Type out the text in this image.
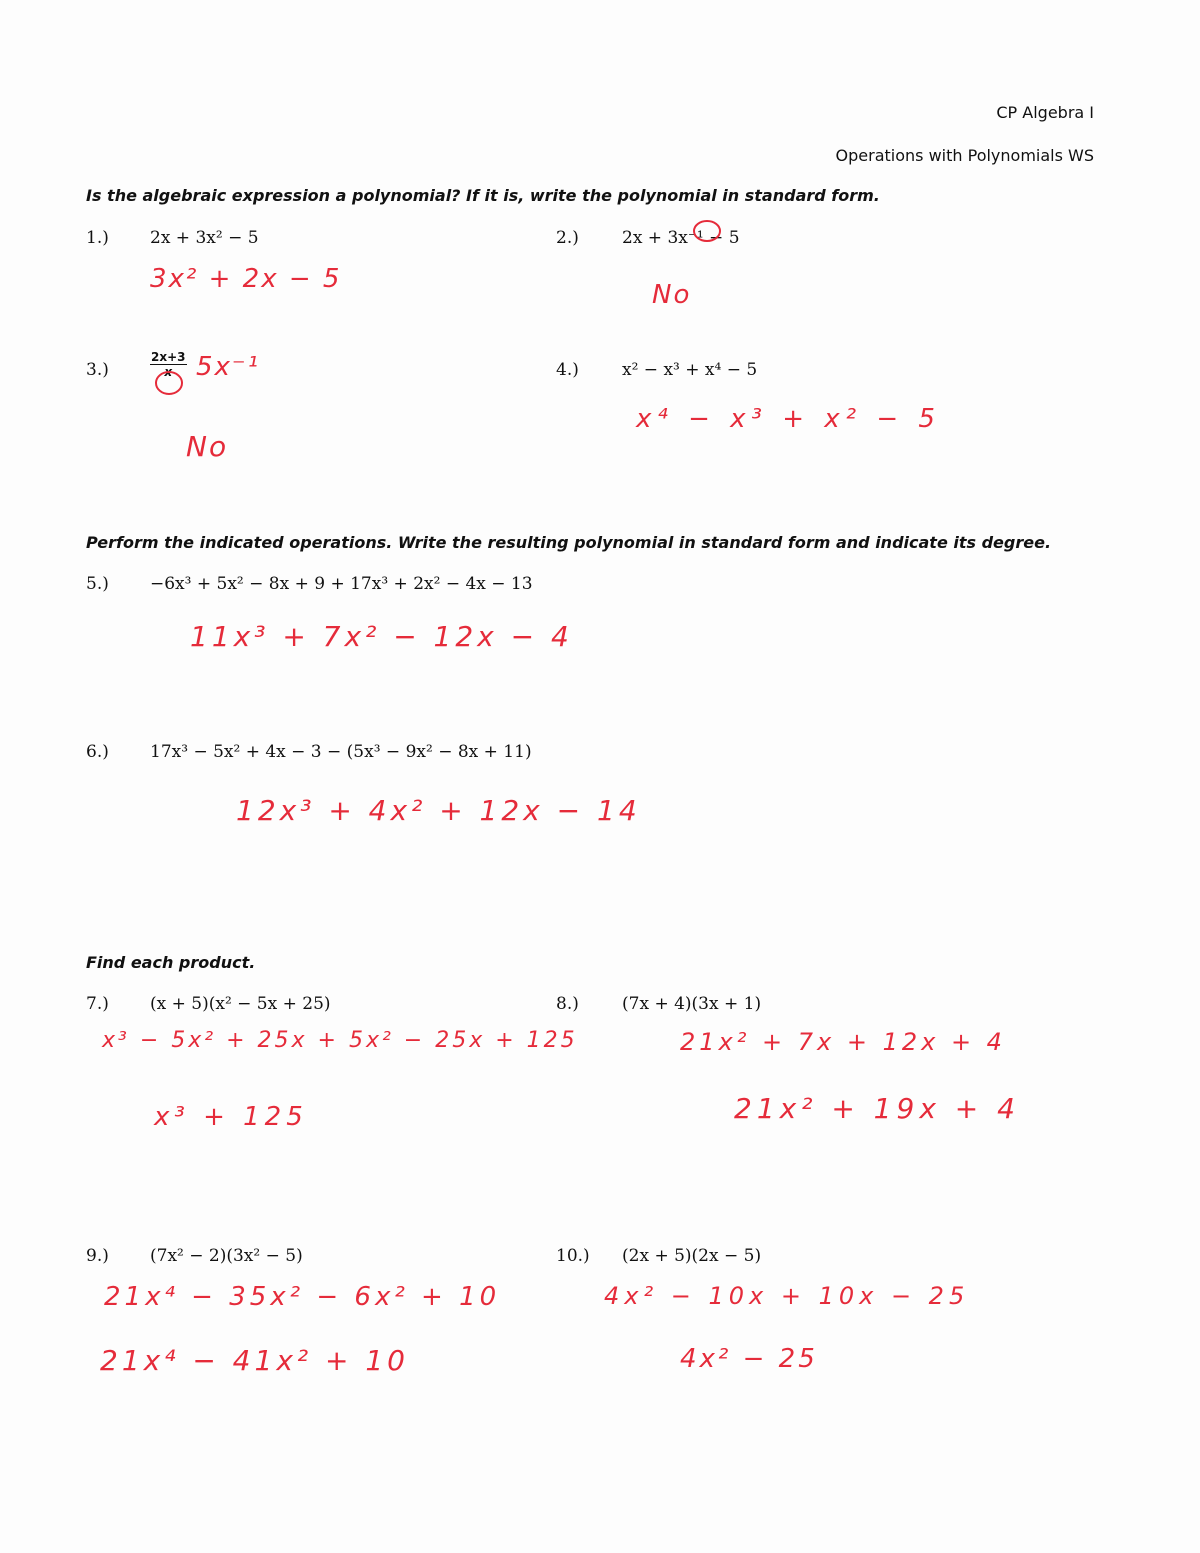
CP Algebra I
Operations with Polynomials WS
Is the algebraic expression a polynomial? If it is, write the polynomial in standard form.
1.) 2x + 3x² − 5
3x² + 2x − 5
2.)	2x + 3x⁻¹ − 5
No
3.)	$\frac{2x+3}{x} 5x^{-1}$
No
4.)	x² − x³ + x⁴ − 5
x⁴ − x³ + x² − 5
Perform the indicated operations. Write the resulting polynomial in standard form and indicate its degree.
5.) −6x³ + 5x² − 8x + 9 + 17x³ + 2x² − 4x − 13
11x³ + 7x² − 12x − 4
6.) 17x³ − 5x² + 4x − 3 − (5x³ − 9x² − 8x + 11)
12x³ + 4x² + 12x − 14
Find each product.
7.) (x + 5)(x² − 5x + 25)
x³ − 5x² + 25x + 5x² − 25x + 125
x³ + 125
8.)	(7x + 4)(3x + 1)
21x² + 7x + 12x + 4
21x² + 19x + 4
9.) (7x² − 2)(3x² − 5)
21x⁴ − 35x² − 6x² + 10
21x⁴ − 41x² + 10
10.) (2x + 5)(2x − 5)
4x² − 10x + 10x − 25
4x² − 25
